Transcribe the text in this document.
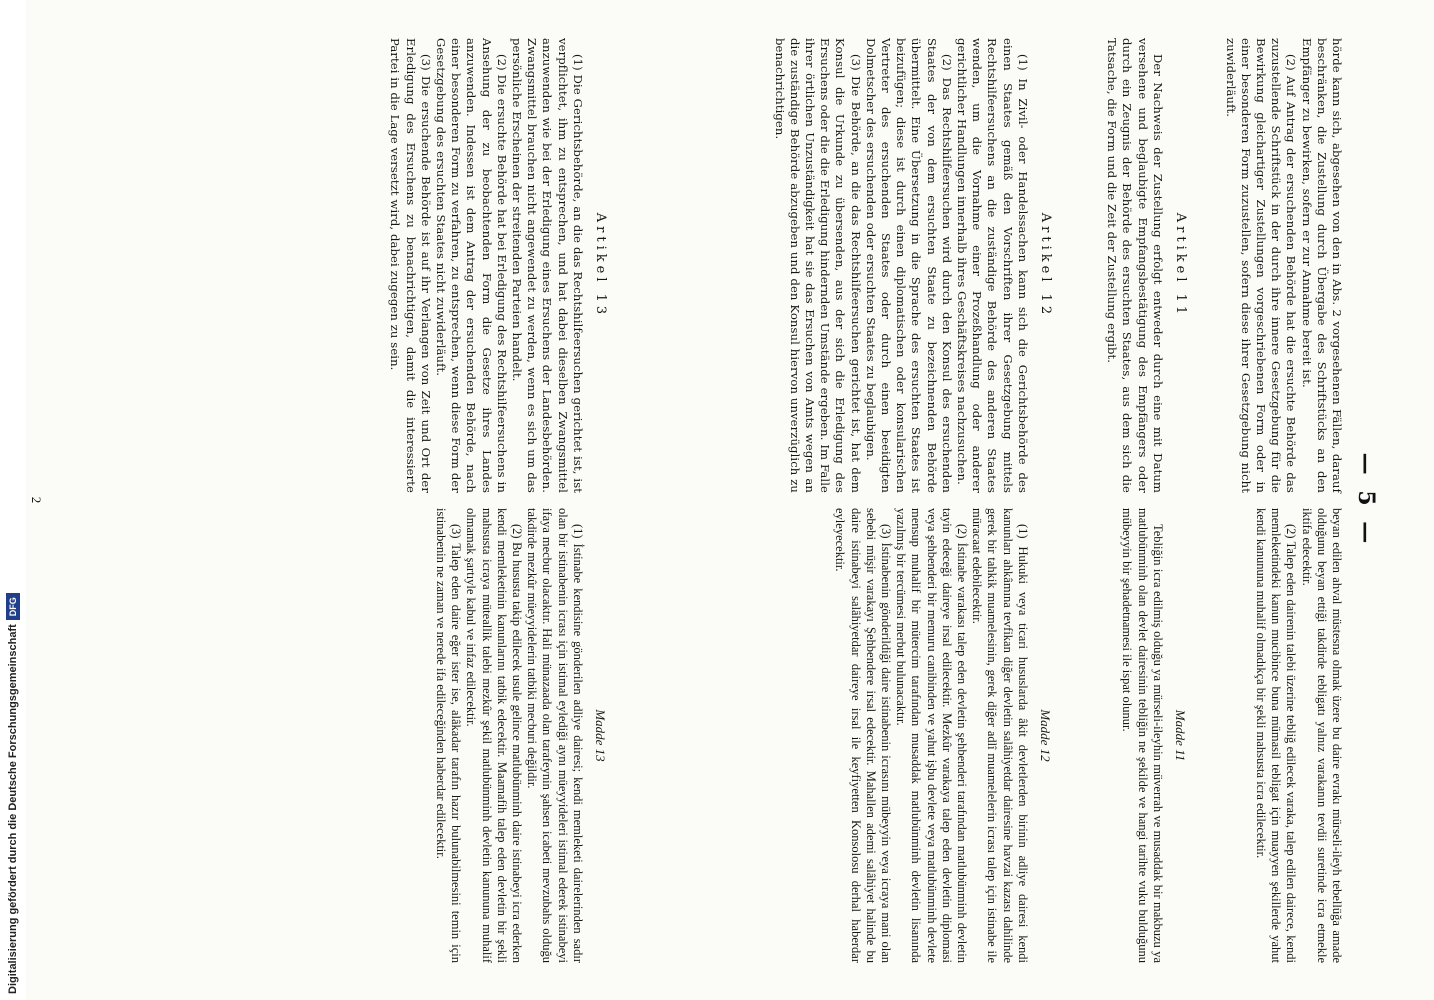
Digitalisierung gefördert durch die Deutsche Forschungsgemeinschaft
DFG
— 5 —

hörde kann sich, abgesehen von den in Abs. 2 vorgesehenen Fällen, darauf beschränken, die Zustellung durch Übergabe des Schriftstücks an den Empfänger zu bewirken, sofern er zur Annahme bereit ist.

(2) Auf Antrag der ersuchenden Behörde hat die ersuchte Behörde das zuzustellende Schriftstück in der durch ihre innere Gesetzgebung für die Bewirkung gleichartiger Zustellungen vorgeschriebenen Form oder in einer besonderen Form zuzustellen, sofern diese ihrer Gesetzgebung nicht zuwiderläuft.

Artikel 11

Der Nachweis der Zustellung erfolgt entweder durch eine mit Datum versehene und beglaubigte Empfangsbestätigung des Empfängers oder durch ein Zeugnis der Behörde des ersuchten Staates, aus dem sich die Tatsache, die Form und die Zeit der Zustellung ergibt.

Artikel 12

(1) In Zivil- oder Handelssachen kann sich die Gerichtsbehörde des einen Staates gemäß den Vorschriften ihrer Gesetzgebung mittels Rechtshilfeersuchens an die zuständige Behörde des anderen Staates wenden, um die Vornahme einer Prozeßhandlung oder anderer gerichtlicher Handlungen innerhalb ihres Geschäftskreises nachzusuchen.

(2) Das Rechtshilfeersuchen wird durch den Konsul des ersuchenden Staates der von dem ersuchten Staate zu bezeichnenden Behörde übermittelt. Eine Übersetzung in die Sprache des ersuchten Staates ist beizufügen; diese ist durch einen diplomatischen oder konsularischen Vertreter des ersuchenden Staates oder durch einen beeidigten Dolmetscher des ersuchenden oder ersuchten Staates zu beglaubigen.

(3) Die Behörde, an die das Rechtshilfeersuchen gerichtet ist, hat dem Konsul die Urkunde zu übersenden, aus der sich die Erledigung des Ersuchens oder die die Erledigung hindernden Umstände ergeben. Im Falle ihrer örtlichen Unzuständigkeit hat sie das Ersuchen von Amts wegen an die zuständige Behörde abzugeben und den Konsul hiervon unverzüglich zu benachrichtigen.

Artikel 13

(1) Die Gerichtsbehörde, an die das Rechtshilfeersuchen gerichtet ist, ist verpflichtet, ihm zu entsprechen, und hat dabei dieselben Zwangsmittel anzuwenden wie bei der Erledigung eines Ersuchens der Landesbehörden. Zwangsmittel brauchen nicht angewendet zu werden, wenn es sich um das persönliche Erscheinen der streitenden Parteien handelt.

(2) Die ersuchte Behörde hat bei Erledigung des Rechtshilfeersuchens in Ansehung der zu beobachtenden Form die Gesetze ihres Landes anzuwenden. Indessen ist dem Antrag der ersuchenden Behörde, nach einer besonderen Form zu verfahren, zu entsprechen, wenn diese Form der Gesetzgebung des ersuchten Staates nicht zuwiderläuft.

(3) Die ersuchende Behörde ist auf ihr Verlangen von Zeit und Ort der Erledigung des Ersuchens zu benachrichtigen, damit die interessierte Partei in die Lage versetzt wird, dabei zugegen zu sein.

beyan edilen ahval müstesna olmak üzere bu daire evrakı mürseli-ileyh tebellüğa amade olduğunu beyan ettiği takdirde tebligatı yalnız varakanın tevdii suretinde icra etmekle iktifa edecektir.

(2) Talep eden dairenin talebi üzerine tebliğ edilecek varaka, talep edilen dairece, kendi memleketindeki kanun mucibince buna mümasil tebligat için muayyen şekillerde yahut kendi kanununa muhalif olmadıkça bir şekli mahsusta icra edilecektir.

Madde 11

Tebliğin icra edilmiş olduğu ya mürseli-ileyhin müverrah ve musaddak bir makbuzu ya matlubünminh olan devlet dairesinin tebliğin ne şekilde ve hangi tarihte vuku bulduğunu mübeyyin bir şehadetnamesi ile ispat olunur.

Madde 12

(1) Hukuki veya ticari hususlarda âkit devletlerden birinin adliye dairesi kendi kanunları ahkâmına tevfikan diğer devletin salâhiyetdar dairesine havzai kazası dahilinde gerek bir tahkik muamelesinin, gerek diğer adlî muamelelerin icrası talep için istinabe ile müracaat edebilecektir.

(2) İstinabe varakası talep eden devletin şehbenderi tarafından matlubünminh devletin tayin edeceği daireye irsal edilecektir. Mezkûr varakaya talep eden devletin diplomasi veya şehbenderi bir memuru canibinden ve yahut işbu devlete veya matlubünminh devlete mensup muhalif bir mütercim tarafından musaddak matlubünminh devletin lisanında yazılmış bir tercümesi merbut bulunacaktır.

(3) İstinabenin gönderildiği daire istinabenin icrasını mübeyyin veya icraya mani olan sebebi müşir varakayı Şehbendere irsal edecektir. Mahallen ademi salâhiyet halinde bu daire istinabeyi salâhiyetdar daireye irsal ile keyfiyetten Konsolosu derhal haberdar eyleyecektir.

Madde 13

(1) İstinabe kendisine gönderilen adliye dairesi; kendi memleketi dairelerinden sadır olan bir istinabenin icrası için istimal eylediği aynı müeyyideleri istimal ederek istinabeyi ifaya mecbur olacaktır. Hali münazaada olan tarafeynin şahsen icabeti mevzubahs olduğu takdirde mezkûr müeyyidelerin tatbiki mecburi değildir.

(2) Bu hususta takip edilecek usule gelince matlubünminh daire istinabeyi icra ederken kendi memleketinin kanunlarını tatbik edecektir. Maamafih talep eden devletin bir şekli mahsusta icraya müteallik talebi mezkûr şekil matlubünminh devletin kanununa muhalif olmamak şartıyle kabul ve infaz edilecektir.

(3) Talep eden daire eğer ister ise, alâkadar tarafın hazır bulunabilmesini temin için istinabenin ne zaman ve nerede ifa edileceğinden haberdar edilecektir.

2
